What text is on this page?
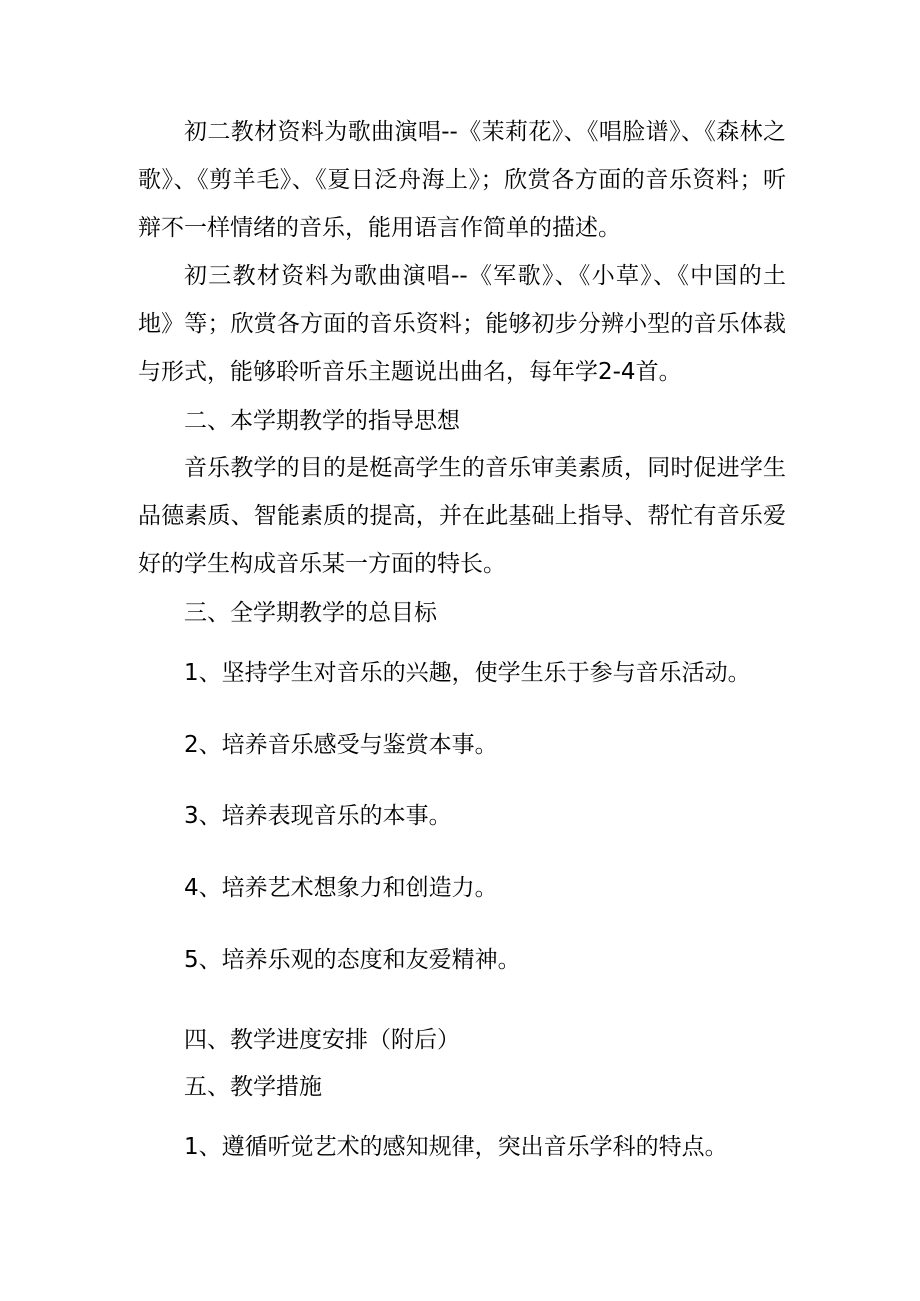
初二教材资料为歌曲演唱--《茉莉花》、《唱脸谱》、《森林之歌》、《剪羊毛》、《夏日泛舟海上》；欣赏各方面的音乐资料；听辩不一样情绪的音乐，能用语言作简单的描述。

初三教材资料为歌曲演唱--《军歌》、《小草》、《中国的土地》等；欣赏各方面的音乐资料；能够初步分辨小型的音乐体裁与形式，能够聆听音乐主题说出曲名，每年学2-4首。

二、本学期教学的指导思想

音乐教学的目的是梃高学生的音乐审美素质，同时促进学生品德素质、智能素质的提高，并在此基础上指导、帮忙有音乐爱好的学生构成音乐某一方面的特长。

三、全学期教学的总目标

1、坚持学生对音乐的兴趣，使学生乐于参与音乐活动。

2、培养音乐感受与鉴赏本事。

3、培养表现音乐的本事。

4、培养艺术想象力和创造力。

5、培养乐观的态度和友爱精神。

四、教学进度安排（附后）

五、教学措施

1、遵循听觉艺术的感知规律，突出音乐学科的特点。
